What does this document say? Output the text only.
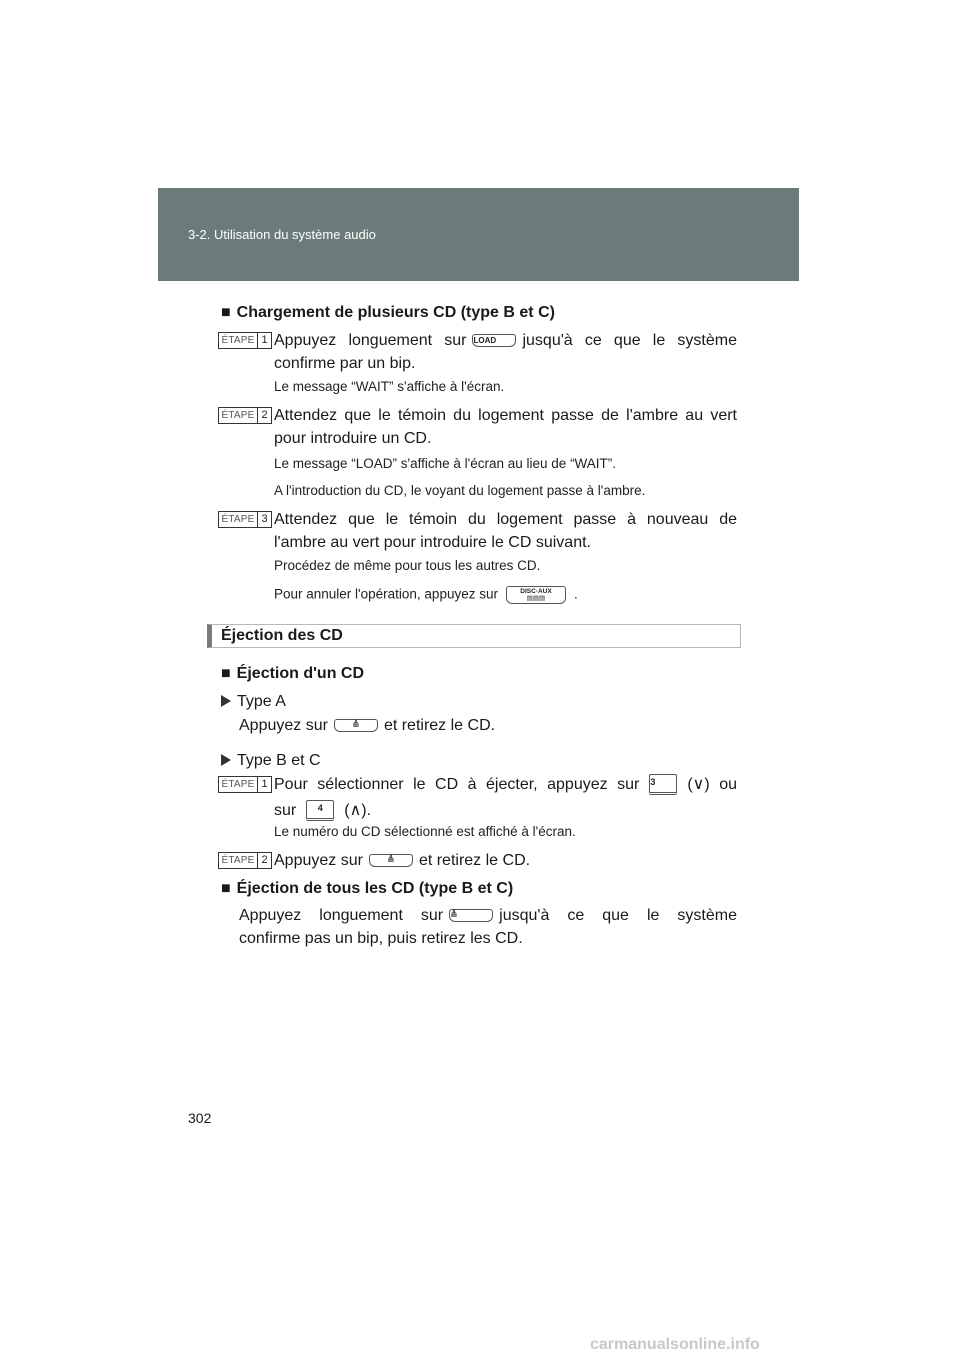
3-2. Utilisation du système audio
■ Chargement de plusieurs CD (type B et C)
ÉTAPE 1 Appuyez longuement sur LOAD jusqu'à ce que le système
confirme par un bip.
Le message “WAIT” s'affiche à l'écran.
ÉTAPE 2 Attendez que le témoin du logement passe de l'ambre au vert
pour introduire un CD.
Le message “LOAD” s'affiche à l'écran au lieu de “WAIT”.
A l'introduction du CD, le voyant du logement passe à l'ambre.
ÉTAPE 3 Attendez que le témoin du logement passe à nouveau de
l'ambre au vert pour introduire le CD suivant.
Procédez de même pour tous les autres CD.
Pour annuler l'opération, appuyez sur	DISC·AUX
▤▤▤ .
Éjection des CD
■ Éjection d'un CD
Type A
Appuyez sur	≜ et retirez le CD.
Type B et C
ÉTAPE 1 Pour sélectionner le CD à éjecter, appuyez sur 3 (∨) ou
sur 4 (∧).
Le numéro du CD sélectionné est affiché à l'écran.
ÉTAPE 2 Appuyez sur	≜ et retirez le CD.
■ Éjection de tous les CD (type B et C)
Appuyez longuement sur ≜	jusqu'à ce que le système
confirme pas un bip, puis retirez les CD.
302
carmanualsonline.info
